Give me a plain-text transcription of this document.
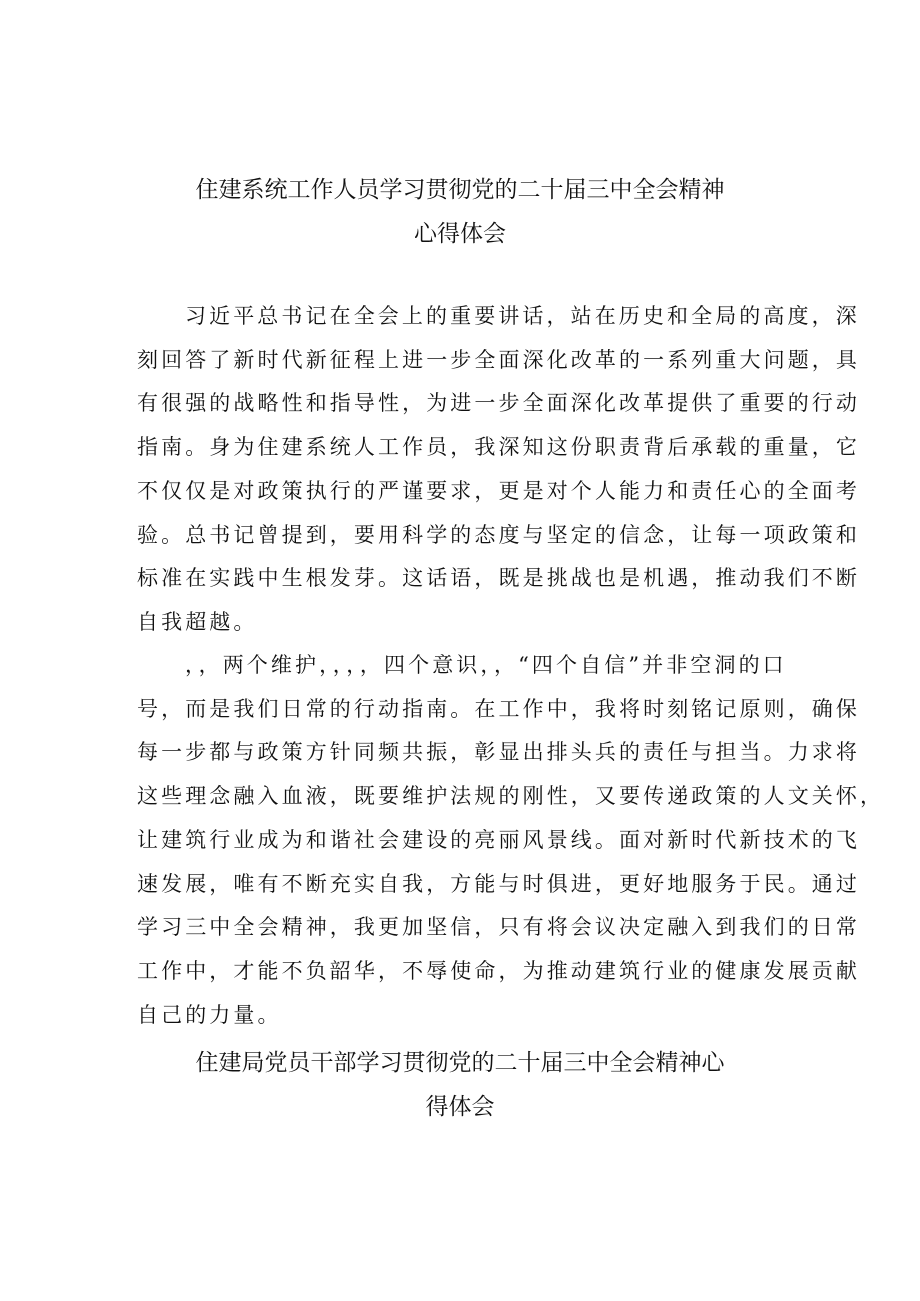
住建系统工作人员学习贯彻党的二十届三中全会精神
心得体会
习近平总书记在全会上的重要讲话，站在历史和全局的高度，深
刻回答了新时代新征程上进一步全面深化改革的一系列重大问题，具
有很强的战略性和指导性，为进一步全面深化改革提供了重要的行动
指南。身为住建系统人工作员，我深知这份职责背后承载的重量，它
不仅仅是对政策执行的严谨要求，更是对个人能力和责任心的全面考
验。总书记曾提到，要用科学的态度与坚定的信念，让每一项政策和
标准在实践中生根发芽。这话语，既是挑战也是机遇，推动我们不断
自我超越。
，，两个维护，，，，四个意识，，“四个自信”并非空洞的口
号，而是我们日常的行动指南。在工作中，我将时刻铭记原则，确保
每一步都与政策方针同频共振，彰显出排头兵的责任与担当。力求将
这些理念融入血液，既要维护法规的刚性，又要传递政策的人文关怀，
让建筑行业成为和谐社会建设的亮丽风景线。面对新时代新技术的飞
速发展，唯有不断充实自我，方能与时俱进，更好地服务于民。通过
学习三中全会精神，我更加坚信，只有将会议决定融入到我们的日常
工作中，才能不负韶华，不辱使命，为推动建筑行业的健康发展贡献
自己的力量。
住建局党员干部学习贯彻党的二十届三中全会精神心
得体会
